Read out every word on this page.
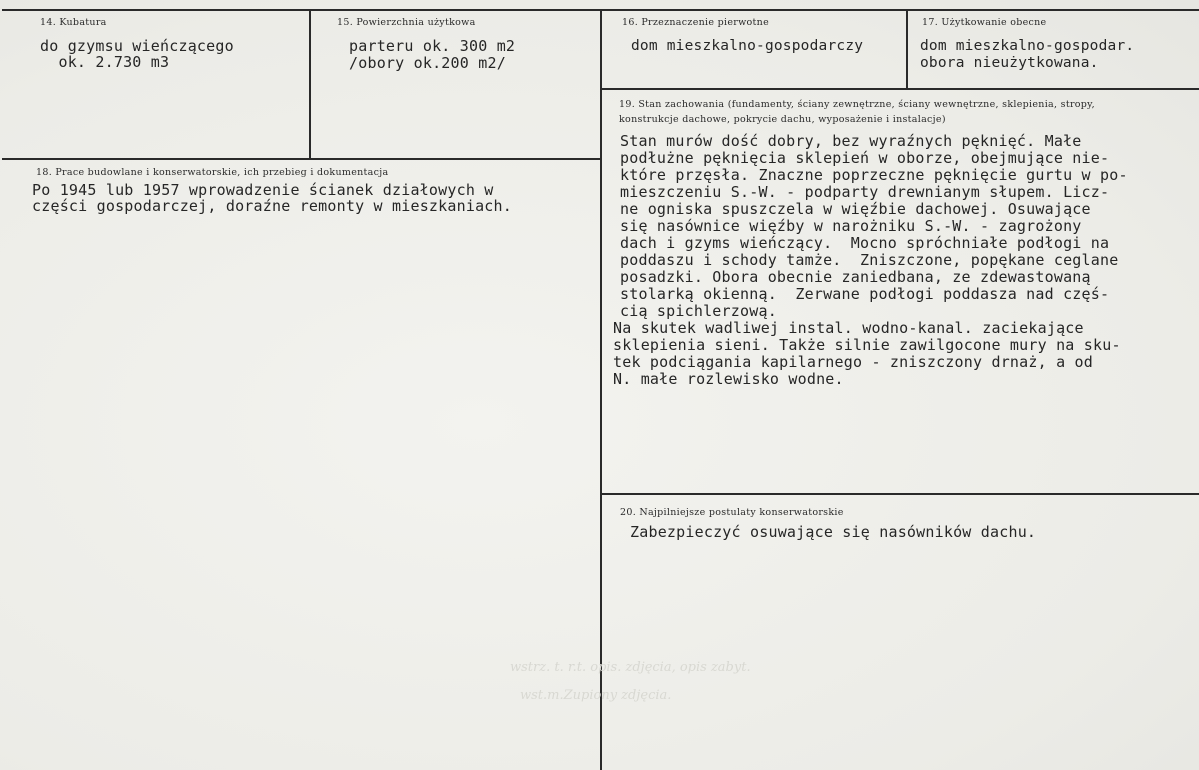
wstrz. t. r.t. opis. zdjęcia, opis zabyt.
wst.m.Zupiony zdjęcia.
14. Kubatura
do gzymsu wieńczącego
ok. 2.730 m3
15. Powierzchnia użytkowa
parteru ok. 300 m2
/obory ok.200 m2/
16. Przeznaczenie pierwotne
dom mieszkalno-gospodarczy
17. Użytkowanie obecne
dom mieszkalno-gospodar.
obora nieużytkowana.
18. Prace budowlane i konserwatorskie, ich przebieg i dokumentacja
Po 1945 lub 1957 wprowadzenie ścianek działowych w
części gospodarczej, doraźne remonty w mieszkaniach.
19. Stan zachowania (fundamenty, ściany zewnętrzne, ściany wewnętrzne, sklepienia, stropy,
konstrukcje dachowe, pokrycie dachu, wyposażenie i instalacje)
Stan murów dość dobry, bez wyraźnych pęknięć. Małe
podłużne pęknięcia sklepień w oborze, obejmujące nie-
które przęsła. Znaczne poprzeczne pęknięcie gurtu w po-
mieszczeniu S.-W. - podparty drewnianym słupem. Licz-
ne ogniska spuszczela w więźbie dachowej. Osuwające
się nasównice więźby w narożniku S.-W. - zagrożony
dach i gzyms wieńczący.  Mocno spróchniałe podłogi na
poddaszu i schody tamże.  Zniszczone, popękane ceglane
posadzki. Obora obecnie zaniedbana, ze zdewastowaną
stolarką okienną.  Zerwane podłogi poddasza nad częś-
cią spichlerzową.
Na skutek wadliwej instal. wodno-kanal. zaciekające
sklepienia sieni. Także silnie zawilgocone mury na sku-
tek podciągania kapilarnego - zniszczony drnaż, a od
N. małe rozlewisko wodne.
20. Najpilniejsze postulaty konserwatorskie
Zabezpieczyć osuwające się nasówników dachu.
